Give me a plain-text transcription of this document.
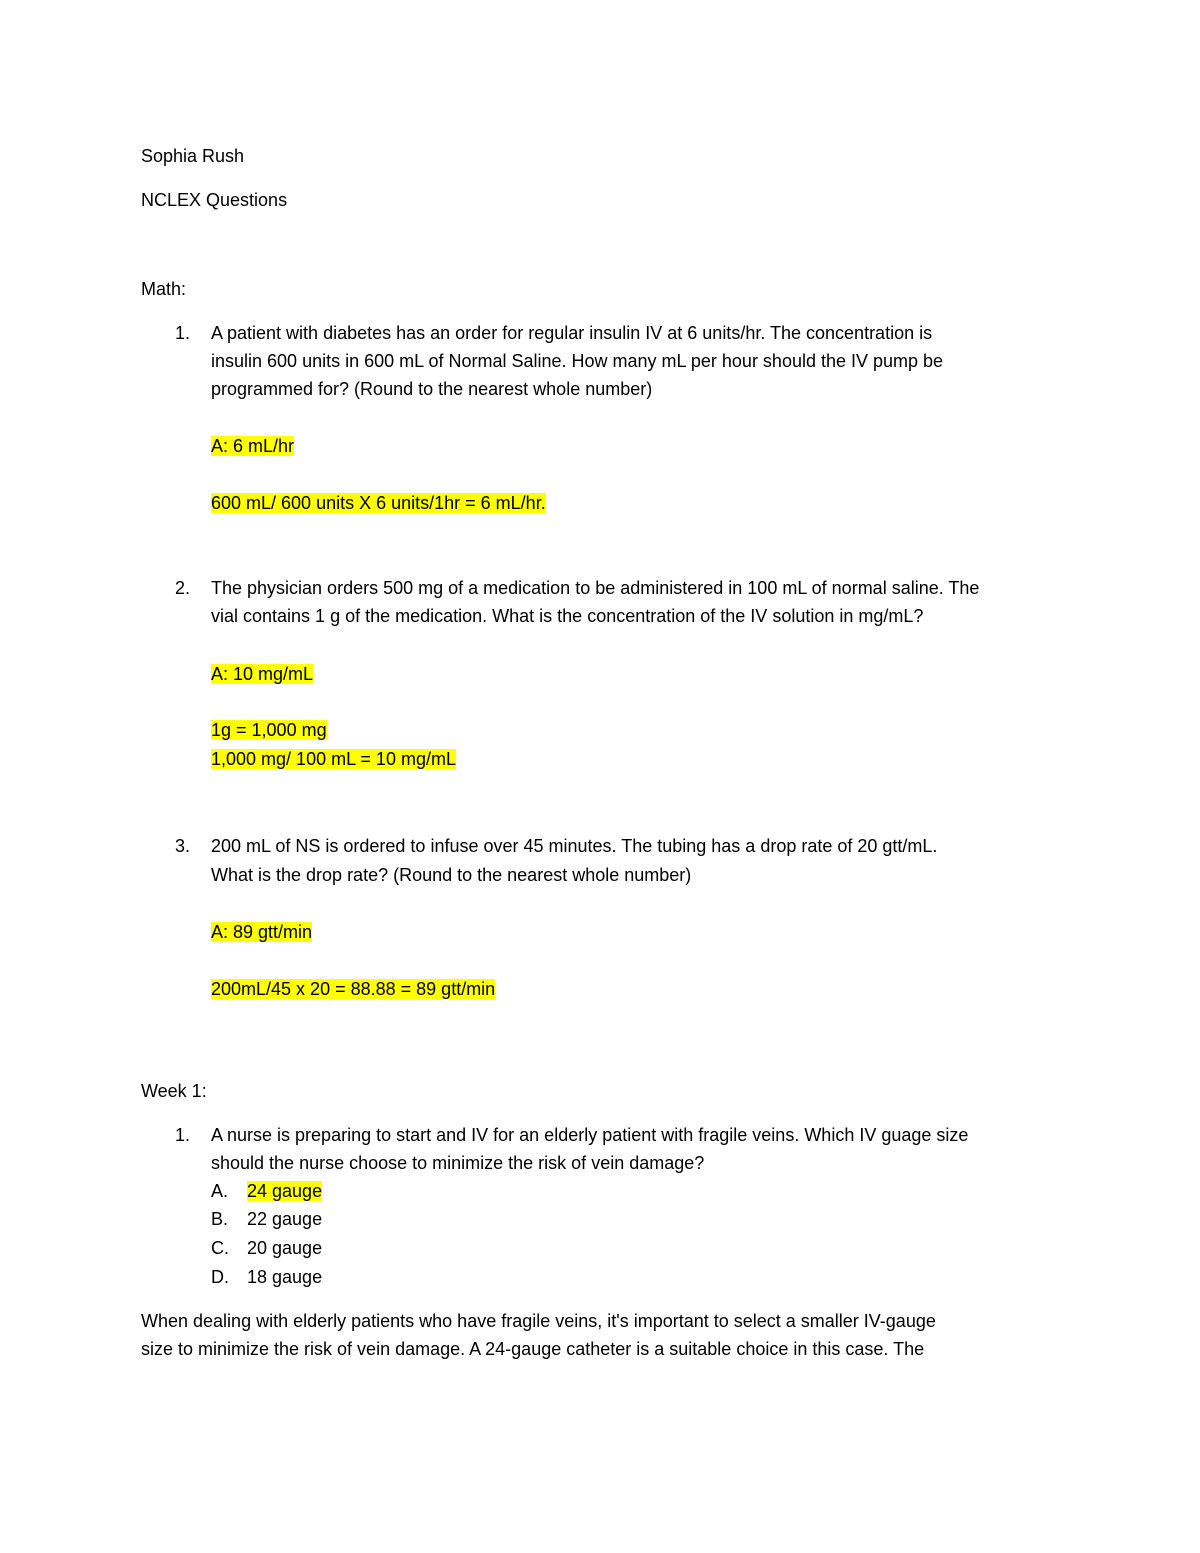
Sophia Rush
NCLEX Questions
Math:
1. A patient with diabetes has an order for regular insulin IV at 6 units/hr. The concentration is
insulin 600 units in 600 mL of Normal Saline. How many mL per hour should the IV pump be
programmed for? (Round to the nearest whole number)
A: 6 mL/hr
600 mL/ 600 units X 6 units/1hr = 6 mL/hr.
2. The physician orders 500 mg of a medication to be administered in 100 mL of normal saline. The
vial contains 1 g of the medication. What is the concentration of the IV solution in mg/mL?
A: 10 mg/mL
1g = 1,000 mg
1,000 mg/ 100 mL = 10 mg/mL
3. 200 mL of NS is ordered to infuse over 45 minutes. The tubing has a drop rate of 20 gtt/mL.
What is the drop rate? (Round to the nearest whole number)
A: 89 gtt/min
200mL/45 x 20 = 88.88 = 89 gtt/min
Week 1:
1. A nurse is preparing to start and IV for an elderly patient with fragile veins. Which IV guage size
should the nurse choose to minimize the risk of vein damage?
A.	24 gauge
B. 22 gauge
C. 20 gauge
D. 18 gauge
When dealing with elderly patients who have fragile veins, it's important to select a smaller IV-gauge
size to minimize the risk of vein damage. A 24-gauge catheter is a suitable choice in this case. The
